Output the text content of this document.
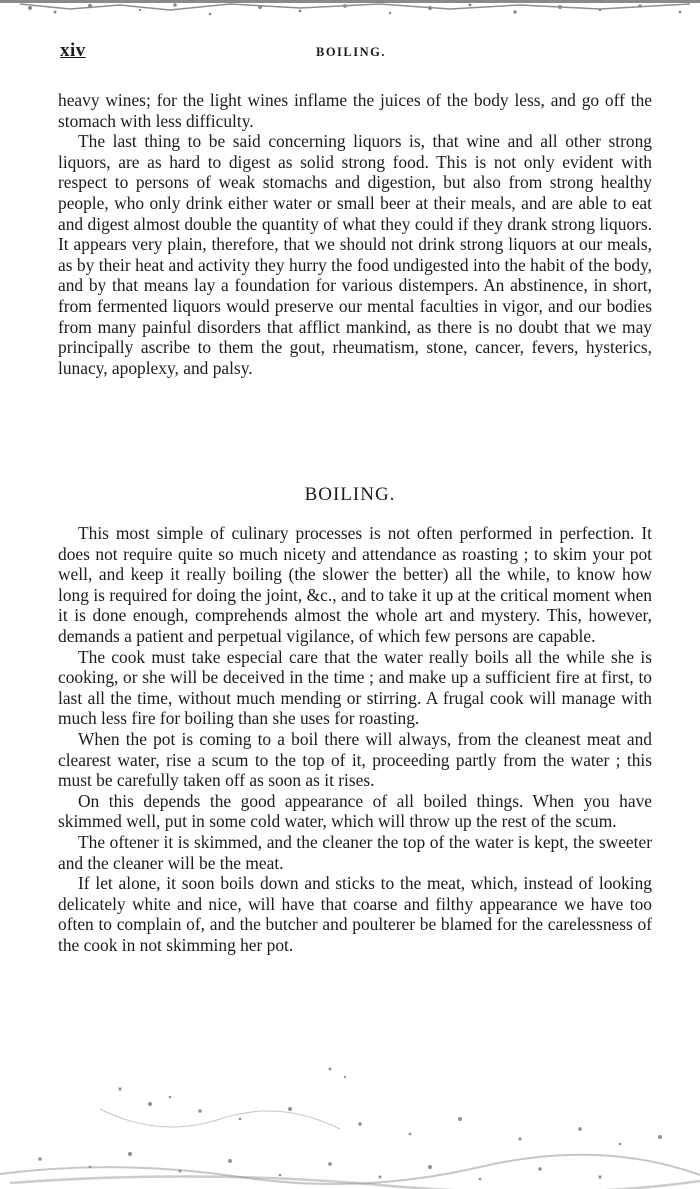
xiv	BOILING.

heavy wines; for the light wines inflame the juices of the body less, and go off the stomach with less difficulty.

The last thing to be said concerning liquors is, that wine and all other strong liquors, are as hard to digest as solid strong food. This is not only evident with respect to persons of weak stomachs and digestion, but also from strong healthy people, who only drink either water or small beer at their meals, and are able to eat and digest almost double the quantity of what they could if they drank strong liquors. It appears very plain, therefore, that we should not drink strong liquors at our meals, as by their heat and activity they hurry the food undigested into the habit of the body, and by that means lay a foundation for various distempers. An abstinence, in short, from fermented liquors would preserve our mental faculties in vigor, and our bodies from many painful disorders that afflict mankind, as there is no doubt that we may principally ascribe to them the gout, rheumatism, stone, cancer, fevers, hysterics, lunacy, apoplexy, and palsy.

BOILING.

This most simple of culinary processes is not often performed in perfection. It does not require quite so much nicety and attendance as roasting ; to skim your pot well, and keep it really boiling (the slower the better) all the while, to know how long is required for doing the joint, &c., and to take it up at the critical moment when it is done enough, comprehends almost the whole art and mystery. This, however, demands a patient and perpetual vigilance, of which few persons are capable.

The cook must take especial care that the water really boils all the while she is cooking, or she will be deceived in the time ; and make up a sufficient fire at first, to last all the time, without much mending or stirring. A frugal cook will manage with much less fire for boiling than she uses for roasting.

When the pot is coming to a boil there will always, from the cleanest meat and clearest water, rise a scum to the top of it, proceeding partly from the water ; this must be carefully taken off as soon as it rises.

On this depends the good appearance of all boiled things. When you have skimmed well, put in some cold water, which will throw up the rest of the scum.

The oftener it is skimmed, and the cleaner the top of the water is kept, the sweeter and the cleaner will be the meat.

If let alone, it soon boils down and sticks to the meat, which, instead of looking delicately white and nice, will have that coarse and filthy appearance we have too often to complain of, and the butcher and poulterer be blamed for the carelessness of the cook in not skimming her pot.
